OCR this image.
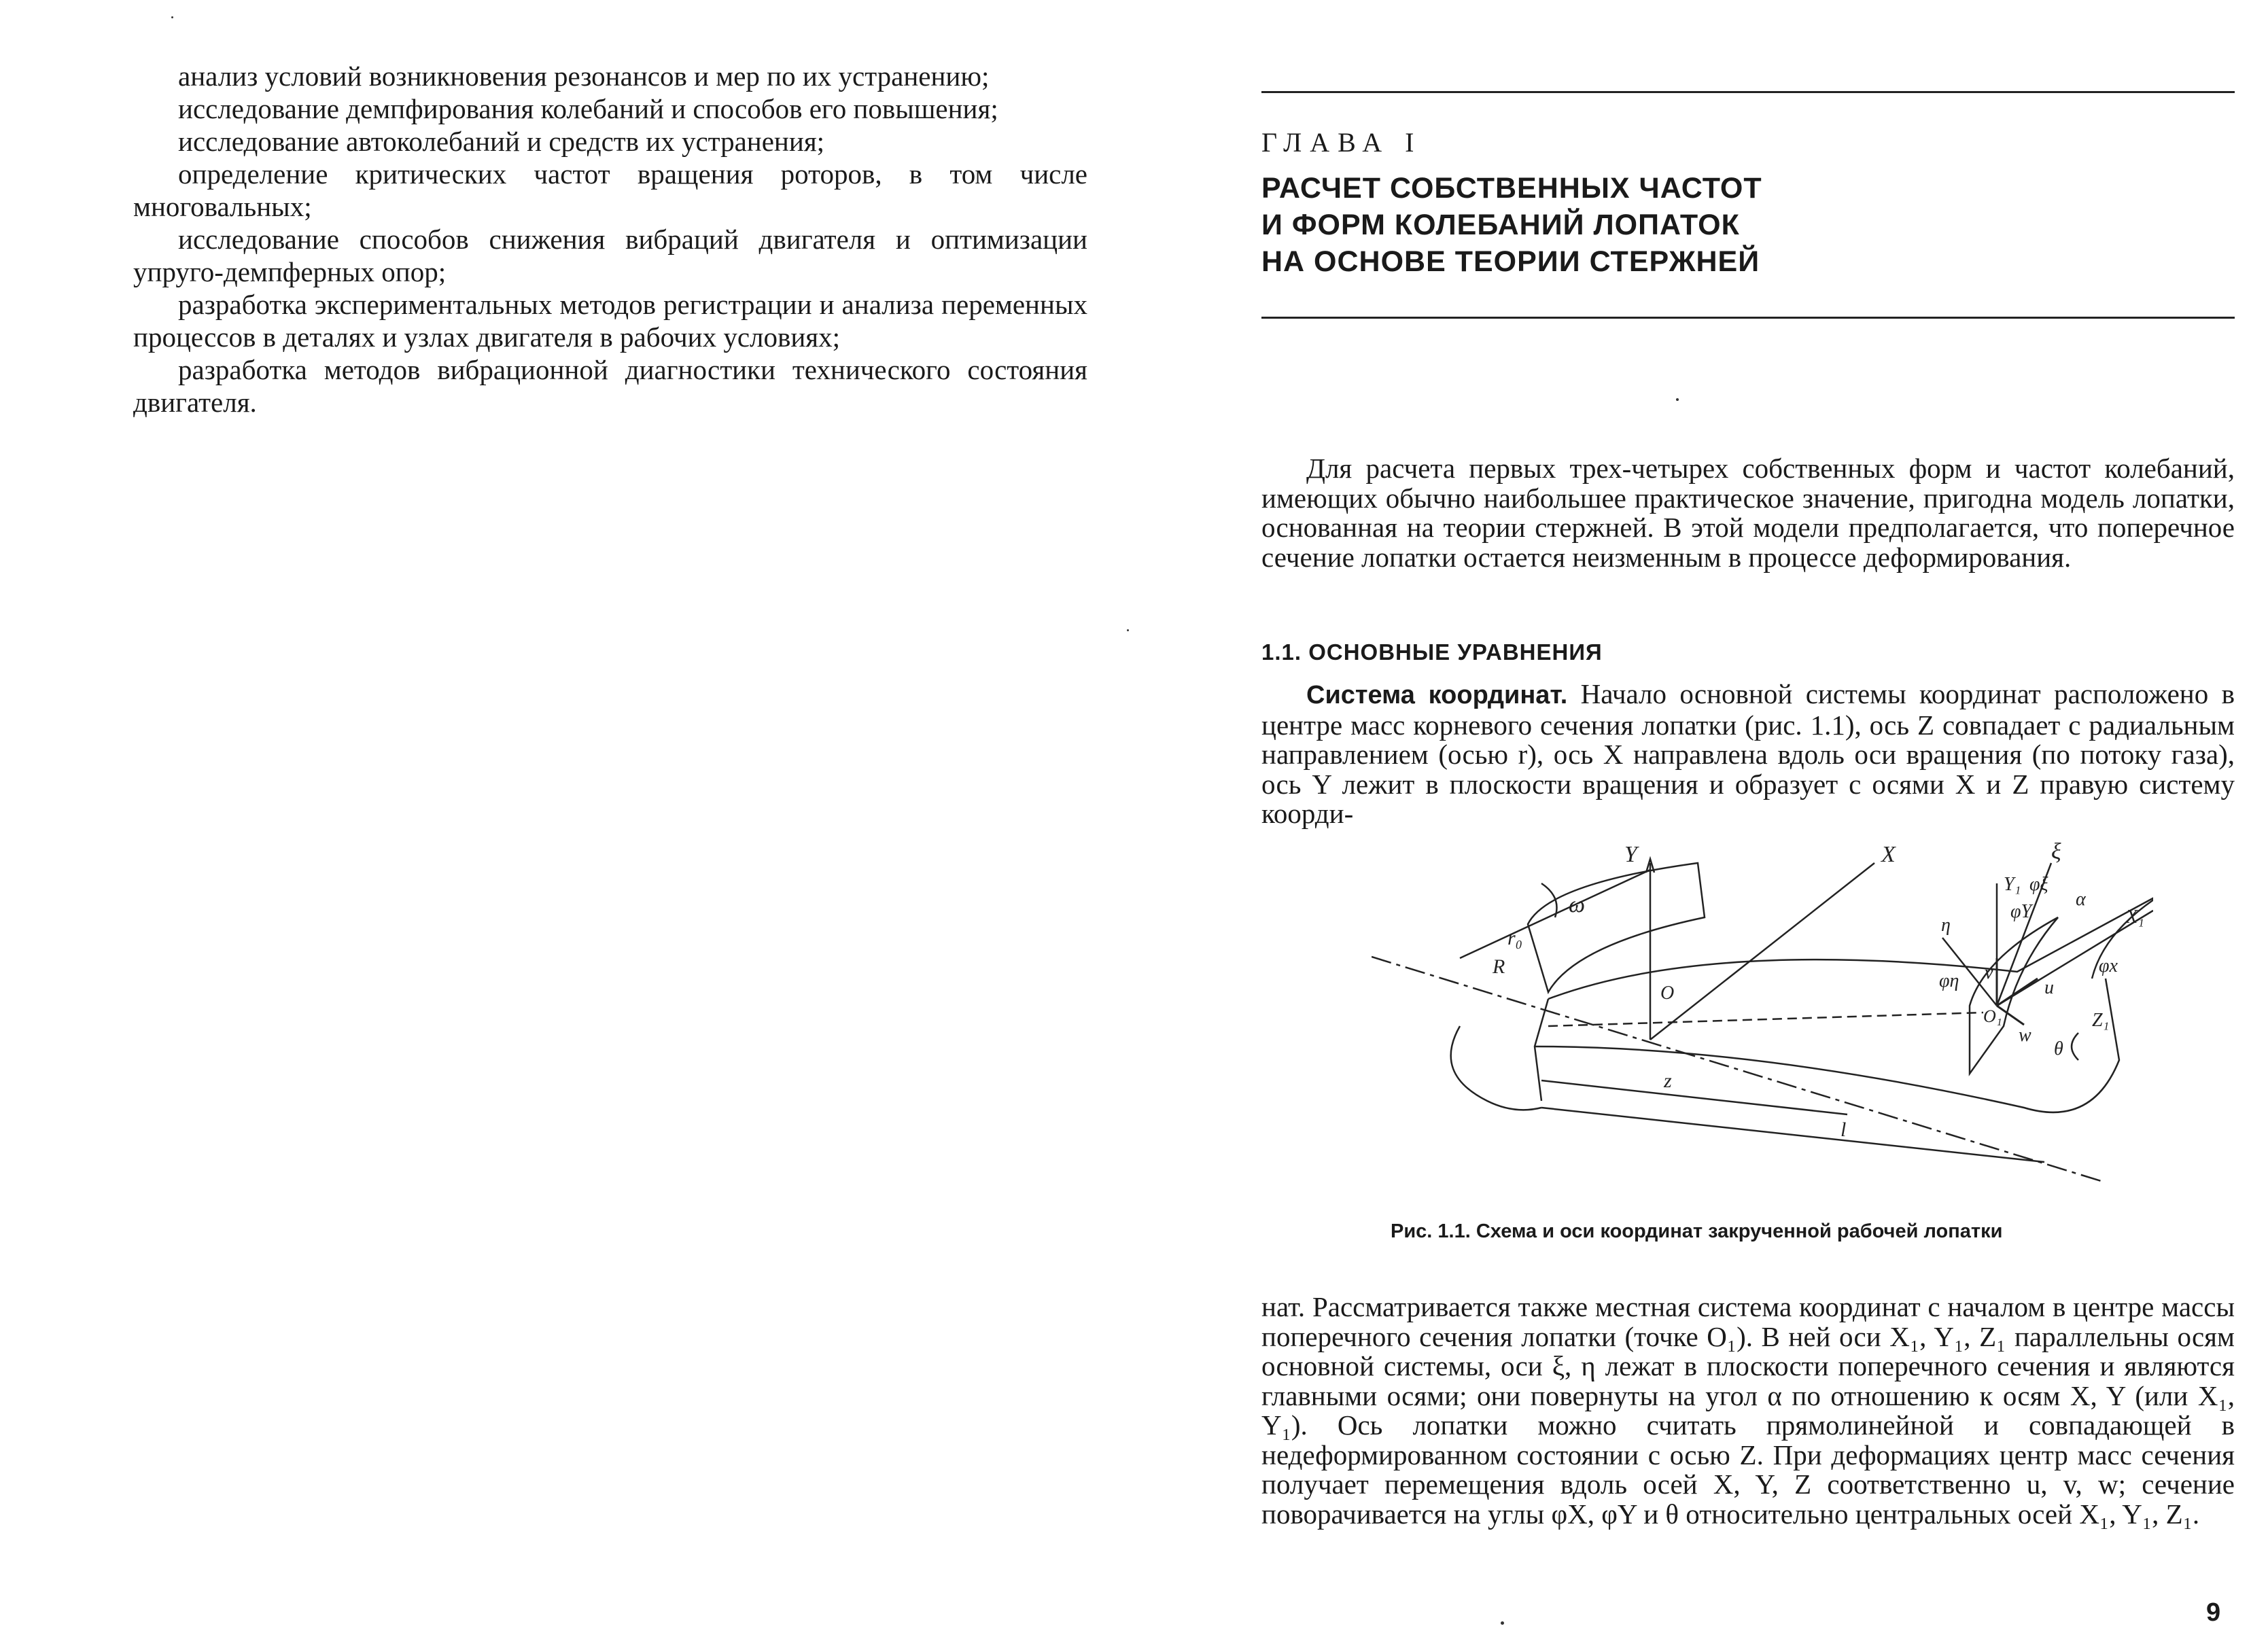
анализ условий возникновения резонансов и мер по их устранению;

исследование демпфирования колебаний и способов его повышения;

исследование автоколебаний и средств их устранения;

определение критических частот вращения роторов, в том числе многовальных;

исследование способов снижения вибраций двигателя и оптимизации упруго-демпферных опор;

разработка экспериментальных методов регистрации и анализа переменных процессов в деталях и узлах двигателя в рабочих условиях;

разработка методов вибрационной диагностики технического состояния двигателя.

ГЛАВА I
РАСЧЕТ СОБСТВЕННЫХ ЧАСТОТ
И ФОРМ КОЛЕБАНИЙ ЛОПАТОК
НА ОСНОВЕ ТЕОРИИ СТЕРЖНЕЙ

Для расчета первых трех-четырех собственных форм и частот колебаний, имеющих обычно наибольшее практическое значение, пригодна модель лопатки, основанная на теории стержней. В этой модели предполагается, что поперечное сечение лопатки остается неизменным в процессе деформирования.

1.1. ОСНОВНЫЕ УРАВНЕНИЯ

Система координат. Начало основной системы координат расположено в центре масс корневого сечения лопатки (рис. 1.1), ось Z совпадает с радиальным направлением (осью r), ось X направлена вдоль оси вращения (по потоку газа), ось Y лежит в плоскости вращения и образует с осями X и Z правую систему коорди-

Y	X	ξ
ω
Y₁
η
φY
φξ
α
X₁
φη v	φx
u
r₀
R
O
O₁
w
θ
Z₁
z
l
Рис. 1.1. Схема и оси координат закрученной рабочей лопатки

нат. Рассматривается также местная система координат с началом в центре массы поперечного сечения лопатки (точке O₁). В ней оси X₁, Y₁, Z₁ параллельны осям основной системы, оси ξ, η лежат в плоскости поперечного сечения и являются главными осями; они повернуты на угол α по отношению к осям X, Y (или X₁, Y₁). Ось лопатки можно считать прямолинейной и совпадающей в недеформированном состоянии с осью Z. При деформациях центр масс сечения получает перемещения вдоль осей X, Y, Z соответственно u, v, w; сечение поворачивается на углы φX, φY и θ относительно центральных осей X₁, Y₁, Z₁.

9
